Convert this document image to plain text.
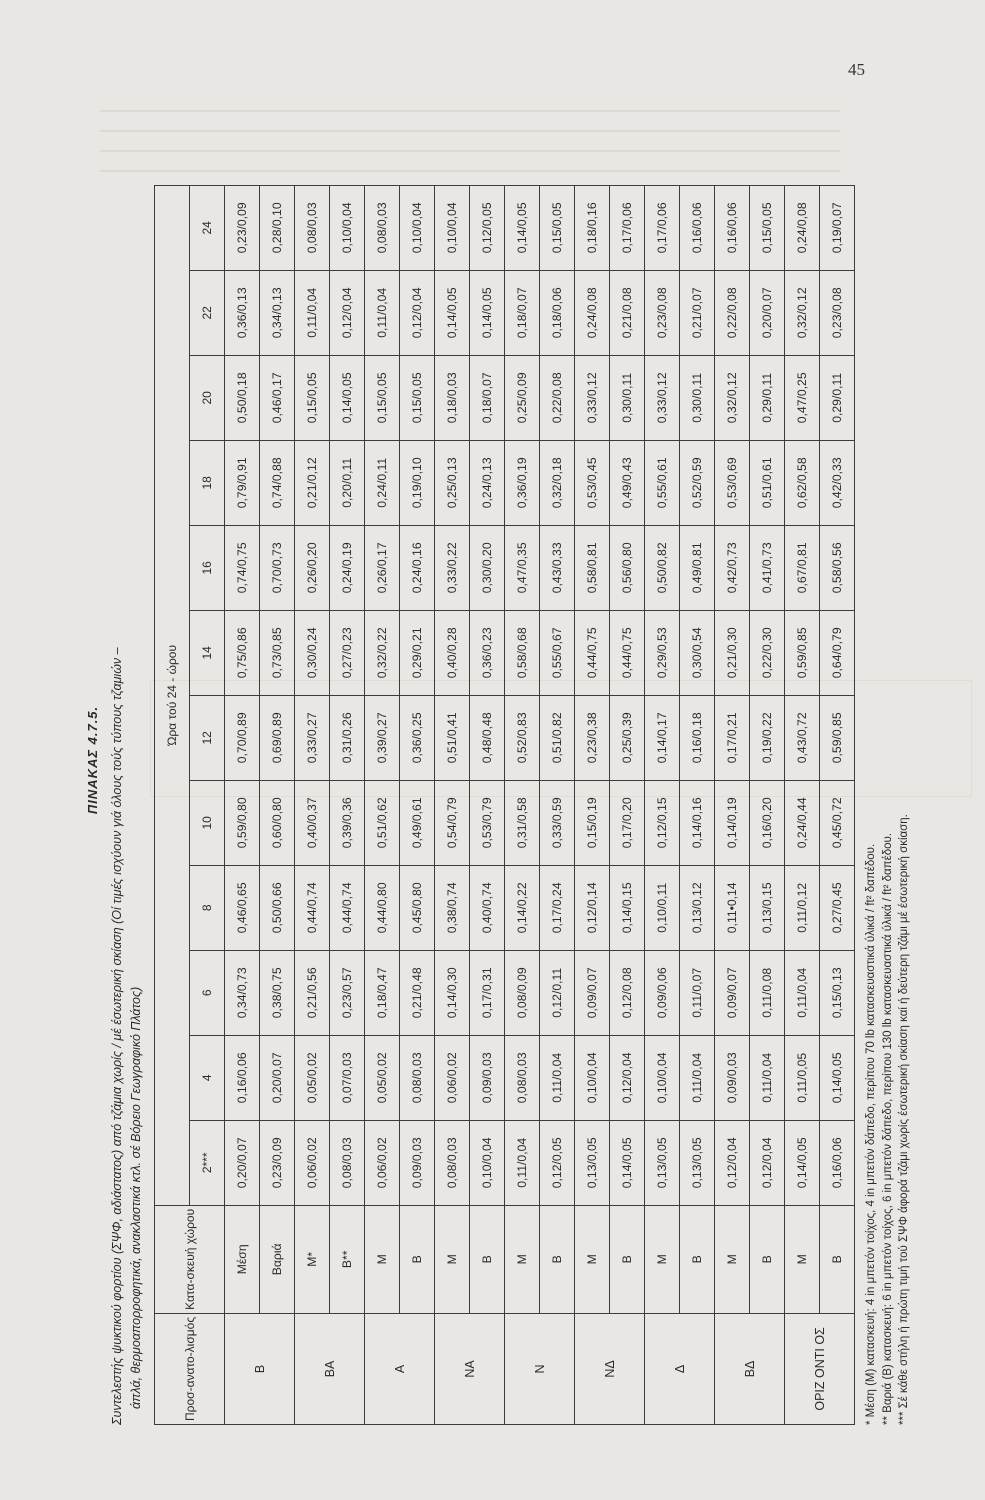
45
ΠΙΝΑΚΑΣ 4.7.5. Συντελεστής ψυκτικού φορτίου (ΣΨΦ, αδιάστατος) από τζάμια χωρίς / μέ έσωτερική σκίαση (Οί τιμές ισχύουν γιά όλους τούς τύπους τζαμιών – άπλά, θερμοαπορροφητικά, ανακλαστικά κτλ. σέ Βόρειο Γεωγραφικό Πλάτος)	Προσ-ανατο-λισμός	Κατα-σκευή χώρου	Ώρα τού 24 - ώρου											
		2***	4	6	8	10	12	14	16	18	20	22	24
Β	Μέση	0,20/0,07	0,16/0,06	0,34/0,73	0,46/0,65	0,59/0,80	0,70/0,89	0,75/0,86	0,74/0,75	0,79/0,91	0,50/0,18	0,36/0,13	0,23/0,09
	Βαριά	0,23/0,09	0,20/0,07	0,38/0,75	0,50/0,66	0,60/0,80	0,69/0,89	0,73/0,85	0,70/0,73	0,74/0,88	0,46/0,17	0,34/0,13	0,28/0,10
ΒΑ	Μ*	0,06/0,02	0,05/0,02	0,21/0,56	0,44/0,74	0,40/0,37	0,33/0,27	0,30/0,24	0,26/0,20	0,21/0,12	0,15/0,05	0,11/0,04	0,08/0,03
	Β**	0,08/0,03	0,07/0,03	0,23/0,57	0,44/0,74	0,39/0,36	0,31/0,26	0,27/0,23	0,24/0,19	0,20/0,11	0,14/0,05	0,12/0,04	0,10/0,04
Α	Μ	0,06/0,02	0,05/0,02	0,18/0,47	0,44/0,80	0,51/0,62	0,39/0,27	0,32/0,22	0,26/0,17	0,24/0,11	0,15/0,05	0,11/0,04	0,08/0,03
	Β	0,09/0,03	0,08/0,03	0,21/0,48	0,45/0,80	0,49/0,61	0,36/0,25	0,29/0,21	0,24/0,16	0,19/0,10	0,15/0,05	0,12/0,04	0,10/0,04
ΝΑ	Μ	0,08/0,03	0,06/0,02	0,14/0,30	0,38/0,74	0,54/0,79	0,51/0,41	0,40/0,28	0,33/0,22	0,25/0,13	0,18/0,03	0,14/0,05	0,10/0,04
	Β	0,10/0,04	0,09/0,03	0,17/0,31	0,40/0,74	0,53/0,79	0,48/0,48	0,36/0,23	0,30/0,20	0,24/0,13	0,18/0,07	0,14/0,05	0,12/0,05
Ν	Μ	0,11/0,04	0,08/0,03	0,08/0,09	0,14/0,22	0,31/0,58	0,52/0,83	0,58/0,68	0,47/0,35	0,36/0,19	0,25/0,09	0,18/0,07	0,14/0,05
	Β	0,12/0,05	0,11/0,04	0,12/0,11	0,17/0,24	0,33/0,59	0,51/0,82	0,55/0,67	0,43/0,33	0,32/0,18	0,22/0,08	0,18/0,06	0,15/0,05
ΝΔ	Μ	0,13/0,05	0,10/0,04	0,09/0,07	0,12/0,14	0,15/0,19	0,23/0,38	0,44/0,75	0,58/0,81	0,53/0,45	0,33/0,12	0,24/0,08	0,18/0,16
	Β	0,14/0,05	0,12/0,04	0,12/0,08	0,14/0,15	0,17/0,20	0,25/0,39	0,44/0,75	0,56/0,80	0,49/0,43	0,30/0,11	0,21/0,08	0,17/0,06
Δ	Μ	0,13/0,05	0,10/0,04	0,09/0,06	0,10/0,11	0,12/0,15	0,14/0,17	0,29/0,53	0,50/0,82	0,55/0,61	0,33/0,12	0,23/0,08	0,17/0,06
	Β	0,13/0,05	0,11/0,04	0,11/0,07	0,13/0,12	0,14/0,16	0,16/0,18	0,30/0,54	0,49/0,81	0,52/0,59	0,30/0,11	0,21/0,07	0,16/0,06
ΒΔ	Μ	0,12/0,04	0,09/0,03	0,09/0,07	0,11•0,14	0,14/0,19	0,17/0,21	0,21/0,30	0,42/0,73	0,53/0,69	0,32/0,12	0,22/0,08	0,16/0,06
	Β	0,12/0,04	0,11/0,04	0,11/0,08	0,13/0,15	0,16/0,20	0,19/0,22	0,22/0,30	0,41/0,73	0,51/0,61	0,29/0,11	0,20/0,07	0,15/0,05
ΟΡΙΖ ΟΝΤΙ ΟΣ	Μ	0,14/0,05	0,11/0,05	0,11/0,04	0,11/0,12	0,24/0,44	0,43/0,72	0,59/0,85	0,67/0,81	0,62/0,58	0,47/0,25	0,32/0,12	0,24/0,08
	Β	0,16/0,06	0,14/0,05	0,15/0,13	0,27/0,45	0,45/0,72	0,59/0,85	0,64/0,79	0,58/0,56	0,42/0,33	0,29/0,11	0,23/0,08	0,19/0,07
* Μέση (Μ) κατασκευή: 4 in μπετόν τοίχος, 4 in μπετόν δάπεδο, περίπου 70 lb κατασκευαστικά ύλικά / ft² δαπέδου. ** Βαριά (Β) κατασκευή: 6 in μπετόν τοίχος, 6 in μπετόν δάπεδο, περίπου 130 lb κατασκευαστικά ύλικά / ft² δαπέδου. *** Σέ κάθε στήλη ή πρώτη τιμή τού ΣΨΦ άφορά τζάμι χωρίς έσωτερική σκίαση καί ή δεύτερη τζάμι μέ έσωτερική σκίαση.
